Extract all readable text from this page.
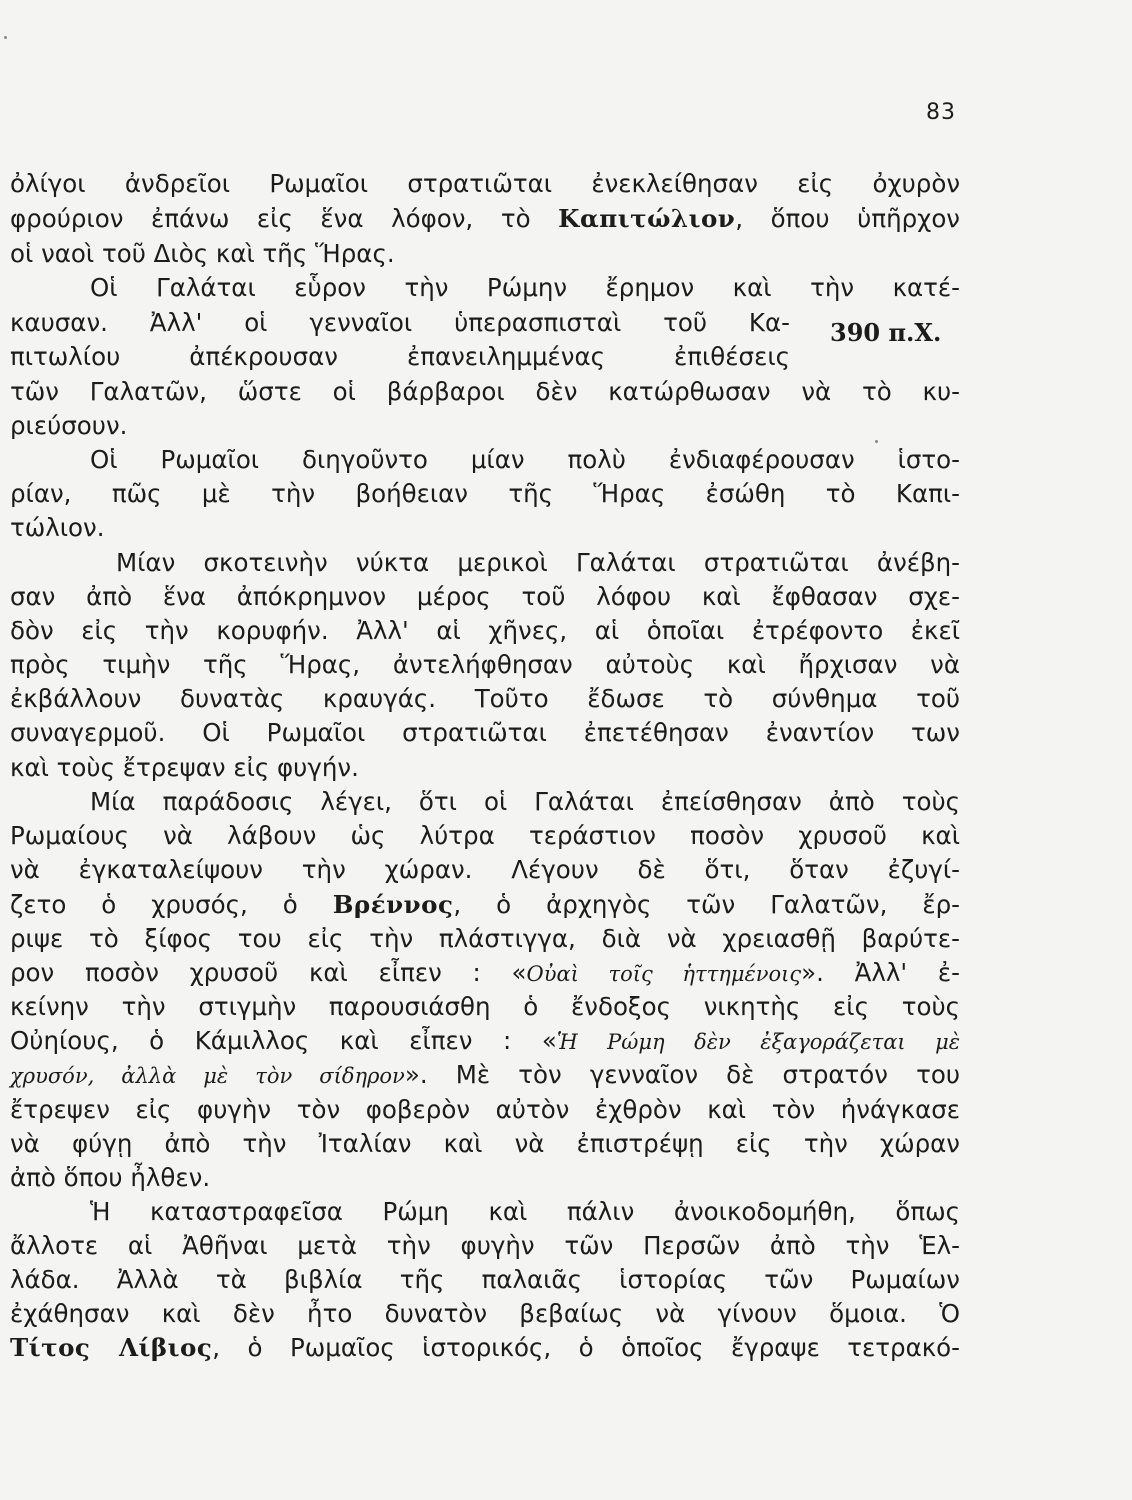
83
390 π.Χ.
ὀλίγοι ἀνδρεῖοι Ρωμαῖοι στρατιῶται ἐνεκλείθησαν εἰς ὀχυρὸν
φρούριον ἐπάνω εἰς ἕνα λόφον, τὸ Καπιτώλιον, ὅπου ὑπῆρχον
οἱ ναοὶ τοῦ Διὸς καὶ τῆς Ἥρας.
Οἱ Γαλάται εὗρον τὴν Ρώμην ἔρημον καὶ τὴν κατέ-
καυσαν. Ἀλλ' οἱ γενναῖοι ὑπερασπισταὶ τοῦ Κα-
πιτωλίου ἀπέκρουσαν ἐπανειλημμένας ἐπιθέσεις
τῶν Γαλατῶν, ὥστε οἱ βάρβαροι δὲν κατώρθωσαν νὰ τὸ κυ-
ριεύσουν.
Οἱ Ρωμαῖοι διηγοῦντο μίαν πολὺ ἐνδιαφέρουσαν ἱστο-
ρίαν, πῶς μὲ τὴν βοήθειαν τῆς Ἥρας ἐσώθη τὸ Καπι-
τώλιον.
Μίαν σκοτεινὴν νύκτα μερικοὶ Γαλάται στρατιῶται ἀνέβη-
σαν ἀπὸ ἕνα ἀπόκρημνον μέρος τοῦ λόφου καὶ ἔφθασαν σχε-
δὸν εἰς τὴν κορυφήν. Ἀλλ' αἱ χῆνες, αἱ ὁποῖαι ἐτρέφοντο ἐκεῖ
πρὸς τιμὴν τῆς Ἥρας, ἀντελήφθησαν αὐτοὺς καὶ ἤρχισαν νὰ
ἐκβάλλουν δυνατὰς κραυγάς. Τοῦτο ἔδωσε τὸ σύνθημα τοῦ
συναγερμοῦ. Οἱ Ρωμαῖοι στρατιῶται ἐπετέθησαν ἐναντίον των
καὶ τοὺς ἔτρεψαν εἰς φυγήν.
Μία παράδοσις λέγει, ὅτι οἱ Γαλάται ἐπείσθησαν ἀπὸ τοὺς
Ρωμαίους νὰ λάβουν ὡς λύτρα τεράστιον ποσὸν χρυσοῦ καὶ
νὰ ἐγκαταλείψουν τὴν χώραν. Λέγουν δὲ ὅτι, ὅταν ἐζυγί-
ζετο ὁ χρυσός, ὁ Βρέννος, ὁ ἀρχηγὸς τῶν Γαλατῶν, ἔρ-
ριψε τὸ ξίφος του εἰς τὴν πλάστιγγα, διὰ νὰ χρειασθῇ βαρύτε-
ρον ποσὸν χρυσοῦ καὶ εἶπεν : «Οὐαὶ τοῖς ἡττημένοις». Ἀλλ' ἐ-
κείνην τὴν στιγμὴν παρουσιάσθη ὁ ἔνδοξος νικητὴς εἰς τοὺς
Οὐηίους, ὁ Κάμιλλος καὶ εἶπεν : «Ἡ Ρώμη δὲν ἐξαγοράζεται μὲ
χρυσόν, ἀλλὰ μὲ τὸν σίδηρον». Μὲ τὸν γενναῖον δὲ στρατόν του
ἔτρεψεν εἰς φυγὴν τὸν φοβερὸν αὐτὸν ἐχθρὸν καὶ τὸν ἠνάγκασε
νὰ φύγῃ ἀπὸ τὴν Ἰταλίαν καὶ νὰ ἐπιστρέψῃ εἰς τὴν χώραν
ἀπὸ ὅπου ἦλθεν.
Ἡ καταστραφεῖσα Ρώμη καὶ πάλιν ἀνοικοδομήθη, ὅπως
ἄλλοτε αἱ Ἀθῆναι μετὰ τὴν φυγὴν τῶν Περσῶν ἀπὸ τὴν Ἑλ-
λάδα. Ἀλλὰ τὰ βιβλία τῆς παλαιᾶς ἱστορίας τῶν Ρωμαίων
ἐχάθησαν καὶ δὲν ἦτο δυνατὸν βεβαίως νὰ γίνουν ὅμοια. Ὁ
Τίτος Λίβιος, ὁ Ρωμαῖος ἱστορικός, ὁ ὁποῖος ἔγραψε τετρακό-
